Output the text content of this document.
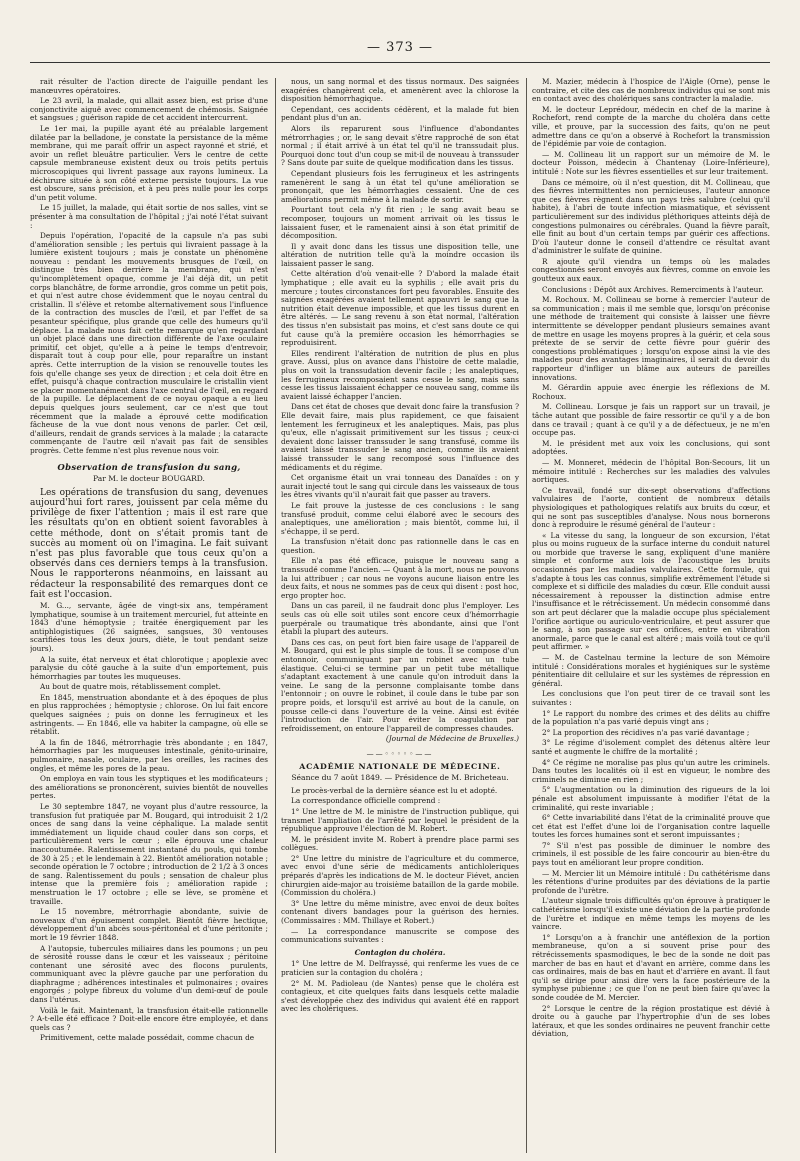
— 373 —

rait résulter de l'action directe de l'aiguille pendant les manœuvres opératoires.

Le 23 avril, la malade, qui allait assez bien, est prise d'une conjonctivite aiguë avec commencement de chémosis. Saignée et sangsues ; guérison rapide de cet accident intercurrent.

Le 1er mai, la pupille ayant été au préalable largement dilatée par la belladone, je constate la persistance de la même membrane, qui me paraît offrir un aspect rayonné et strié, et avoir un reflet bleuâtre particulier. Vers le centre de cette capsule membraneuse existent deux ou trois petits pertuis microscopiques qui livrent passage aux rayons lumineux. La déchirure située à son côté externe persiste toujours. La vue est obscure, sans précision, et à peu près nulle pour les corps d'un petit volume.

Le 15 juillet, la malade, qui était sortie de nos salles, vint se présenter à ma consultation de l'hôpital ; j'ai noté l'état suivant :

Depuis l'opération, l'opacité de la capsule n'a pas subi d'amélioration sensible ; les pertuis qui livraient passage à la lumière existent toujours ; mais je constate un phénomène nouveau : pendant les mouvements brusques de l'œil, on distingue très bien derrière la membrane, qui n'est qu'incomplètement opaque, comme je l'ai déjà dit, un petit corps blanchâtre, de forme arrondie, gros comme un petit pois, et qui n'est autre chose évidemment que le noyau central du cristallin. Il s'élève et retombe alternativement sous l'influence de la contraction des muscles de l'œil, et par l'effet de sa pesanteur spécifique, plus grande que celle des humeurs qu'il déplace. La malade nous fait cette remarque qu'en regardant un objet placé dans une direction différente de l'axe oculaire primitif, cet objet, qu'elle a à peine le temps d'entrevoir, disparaît tout à coup pour elle, pour reparaître un instant après. Cette interruption de la vision se renouvelle toutes les fois qu'elle change ses yeux de direction ; et cela doit être en effet, puisqu'à chaque contraction musculaire le cristallin vient se placer momentanément dans l'axe central de l'œil, en regard de la pupille. Le déplacement de ce noyau opaque a eu lieu depuis quelques jours seulement, car ce n'est que tout récemment que la malade a éprouvé cette modification fâcheuse de la vue dont nous venons de parler. Cet œil, d'ailleurs, rendait de grands services à la malade ; la cataracte commençante de l'autre œil n'avait pas fait de sensibles progrès. Cette femme n'est plus revenue nous voir.

Observation de transfusion du sang,
Par M. le docteur BOUGARD.

Les opérations de transfusion du sang, devenues aujourd'hui fort rares, jouissent par cela même du privilège de fixer l'attention ; mais il est rare que les résultats qu'on en obtient soient favorables à cette méthode, dont on s'était promis tant de succès au moment où on l'imagina. Le fait suivant n'est pas plus favorable que tous ceux qu'on a observés dans ces derniers temps à la transfusion. Nous le rapporterons néanmoins, en laissant au rédacteur la responsabilité des remarques dont ce fait est l'occasion.

M. G..., servante, âgée de vingt-six ans, tempérament lymphatique, soumise à un traitement mercuriel, fut atteinte en 1843 d'une hémoptysie ; traitée énergiquement par les antiphlogistiques (26 saignées, sangsues, 30 ventouses scarifiées tous les deux jours, diète, le tout pendant seize jours).

A la suite, état nerveux et état chlorotique ; apoplexie avec paralysie du côté gauche à la suite d'un emportement, puis hémorrhagies par toutes les muqueuses.

Au bout de quatre mois, rétablissement complet.

En 1845, menstruation abondante et à des époques de plus en plus rapprochées ; hémoptysie ; chlorose. On lui fait encore quelques saignées ; puis on donne les ferrugineux et les astringents. — En 1846, elle va habiter la campagne, où elle se rétablit.

A la fin de 1846, métrorrhagie très abondante ; en 1847, hémorrhagies par les muqueuses intestinale, génito-urinaire, pulmonaire, nasale, oculaire, par les oreilles, les racines des ongles, et même les pores de la peau.

On employa en vain tous les styptiques et les modificateurs ; des améliorations se prononcèrent, suivies bientôt de nouvelles pertes.

Le 30 septembre 1847, ne voyant plus d'autre ressource, la transfusion fut pratiquée par M. Bougard, qui introduisit 2 1/2 onces de sang dans la veine céphalique. La malade sentit immédiatement un liquide chaud couler dans son corps, et particulièrement vers le cœur ; elle éprouva une chaleur inaccoutumée. Ralentissement instantané du pouls, qui tombe de 30 à 25 ; et le lendemain à 22. Bientôt amélioration notable ; seconde opération le 7 octobre ; introduction de 2 1/2 à 3 onces de sang. Ralentissement du pouls ; sensation de chaleur plus intense que la première fois ; amélioration rapide ; menstruation le 17 octobre ; elle se lève, se promène et travaille.

Le 15 novembre, métrorrhagie abondante, suivie de nouveaux d'un épuisement complet. Bientôt fièvre hectique, développement d'un abcès sous-péritonéal et d'une péritonite ; mort le 19 février 1848.

A l'autopsie, tubercules miliaires dans les poumons ; un peu de sérosité rousse dans le cœur et les vaisseaux ; péritoine contenant une sérosité avec des flocons purulents, communiquant avec la plèvre gauche par une perforation du diaphragme ; adhérences intestinales et pulmonaires ; ovaires engorgés ; polype fibreux du volume d'un demi-œuf de poule dans l'utérus.

Voilà le fait. Maintenant, la transfusion était-elle rationnelle ? A-t-elle été efficace ? Doit-elle encore être employée, et dans quels cas ?

Primitivement, cette malade possédait, comme chacun de

nous, un sang normal et des tissus normaux. Des saignées exagérées changèrent cela, et amenèrent avec la chlorose la disposition hémorrhagique.

Cependant, ces accidents cédèrent, et la malade fut bien pendant plus d'un an.

Alors ils reparurent sous l'influence d'abondantes métrorrhagies ; or, le sang devait s'être rapproché de son état normal ; il était arrivé à un état tel qu'il ne transsudait plus. Pourquoi donc tout d'un coup se mit-il de nouveau à transsuder ? Sans doute par suite de quelque modification dans les tissus.

Cependant plusieurs fois les ferrugineux et les astringents ramenèrent le sang à un état tel qu'une amélioration se prononçait, que les hémorrhagies cessaient. Une de ces améliorations permit même à la malade de sortir.

Pourtant tout cela n'y fit rien ; le sang avait beau se recomposer, toujours un moment arrivait où les tissus le laissaient fuser, et le ramenaient ainsi à son état primitif de décomposition.

Il y avait donc dans les tissus une disposition telle, une altération de nutrition telle qu'à la moindre occasion ils laissaient passer le sang.

Cette altération d'où venait-elle ? D'abord la malade était lymphatique ; elle avait eu la syphilis ; elle avait pris du mercure ; toutes circonstances fort peu favorables. Ensuite des saignées exagérées avaient tellement appauvri le sang que la nutrition était devenue impossible, et que les tissus durent en être altérés. — Le sang revenu à son état normal, l'altération des tissus n'en subsistait pas moins, et c'est sans doute ce qui fut cause qu'à la première occasion les hémorrhagies se reproduisirent.

Elles rendirent l'altération de nutrition de plus en plus grave. Aussi, plus on avance dans l'histoire de cette maladie, plus on voit la transsudation devenir facile ; les analeptiques, les ferrugineux recomposaient sans cesse le sang, mais sans cesse les tissus laissaient échapper ce nouveau sang, comme ils avaient laissé échapper l'ancien.

Dans cet état de choses que devait donc faire la transfusion ? Elle devait faire, mais plus rapidement, ce que faisaient lentement les ferrugineux et les analeptiques. Mais, pas plus qu'eux, elle n'agissait primitivement sur les tissus ; ceux-ci devaient donc laisser transsuder le sang transfusé, comme ils avaient laissé transsuder le sang ancien, comme ils avaient laissé transsuder le sang recomposé sous l'influence des médicaments et du régime.

Cet organisme était un vrai tonneau des Danaïdes : on y aurait injecté tout le sang qui circule dans les vaisseaux de tous les êtres vivants qu'il n'aurait fait que passer au travers.

Le fait prouve la justesse de ces conclusions : le sang transfusé produit, comme celui élaboré avec le secours des analeptiques, une amélioration ; mais bientôt, comme lui, il s'échappe, il se perd.

La transfusion n'était donc pas rationnelle dans le cas en question.

Elle n'a pas été efficace, puisque le nouveau sang a transsudé comme l'ancien. — Quant à la mort, nous ne pouvons la lui attribuer ; car nous ne voyons aucune liaison entre les deux faits, et nous ne sommes pas de ceux qui disent : post hoc, ergo propter hoc.

Dans un cas pareil, il ne faudrait donc plus l'employer. Les seuls cas où elle soit utiles sont encore ceux d'hémorrhagie puerpérale ou traumatique très abondante, ainsi que l'ont établi la plupart des auteurs.

Dans ces cas, on peut fort bien faire usage de l'appareil de M. Bougard, qui est le plus simple de tous. Il se compose d'un entonnoir, communiquant par un robinet avec un tube élastique. Celui-ci se termine par un petit tube métallique s'adaptant exactement à une canule qu'on introduit dans la veine. Le sang de la personne complaisante tombe dans l'entonnoir ; on ouvre le robinet, il coule dans le tube par son propre poids, et lorsqu'il est arrivé au bout de la canule, on pousse celle-ci dans l'ouverture de la veine. Ainsi est évitée l'introduction de l'air. Pour éviter la coagulation par refroidissement, on entoure l'appareil de compresses chaudes.

(Journal de Médecine de Bruxelles.)
——◦◦◦◦◦——
ACADÉMIE NATIONALE DE MÉDECINE.
Séance du 7 août 1849. — Présidence de M. Bricheteau.

Le procès-verbal de la dernière séance est lu et adopté.

La correspondance officielle comprend :

1° Une lettre de M. le ministre de l'instruction publique, qui transmet l'ampliation de l'arrêté par lequel le président de la république approuve l'élection de M. Robert.

M. le président invite M. Robert à prendre place parmi ses collègues.

2° Une lettre du ministre de l'agriculture et du commerce, avec envoi d'une série de médicaments antichloleriques préparés d'après les indications de M. le docteur Fiévet, ancien chirurgien aide-major au troisième bataillon de la garde mobile. (Commission du choléra.)

3° Une lettre du même ministre, avec envoi de deux boîtes contenant divers bandages pour la guérison des hernies. (Commissaires : MM. Thillaye et Robert.)

— La correspondance manuscrite se compose des communications suivantes :

Contagion du choléra.

1° Une lettre de M. Delfrayssé, qui renferme les vues de ce praticien sur la contagion du choléra ;

2° M. M. Padioleau (de Nantes) pense que le choléra est contagieux, et cite quelques faits dans lesquels cette maladie s'est développée chez des individus qui avaient été en rapport avec les cholériques.

M. Mazier, médecin à l'hospice de l'Aigle (Orne), pense le contraire, et cite des cas de nombreux individus qui se sont mis en contact avec des cholériques sans contracter la maladie.

M. le docteur Leprédour, médecin en chef de la marine à Rochefort, rend compte de la marche du choléra dans cette ville, et prouve, par la succession des faits, qu'on ne peut admettre dans ce qu'on a observé à Rochefort la transmission de l'épidémie par voie de contagion.

— M. Collineau lit un rapport sur un mémoire de M. le docteur Poisson, médecin à Chantenay (Loire-Inférieure), intitulé : Note sur les fièvres essentielles et sur leur traitement.

Dans ce mémoire, où il n'est question, dit M. Collineau, que des fièvres intermittentes non pernicieuses, l'auteur annonce que ces fièvres règnent dans un pays très salubre (celui qu'il habite), à l'abri de toute infection miasmatique, et sévissent particulièrement sur des individus pléthoriques atteints déjà de congestions pulmonaires ou cérébrales. Quand la fièvre paraît, elle finit au bout d'un certain temps par guérir ces affections. D'où l'auteur donne le conseil d'attendre ce résultat avant d'administrer le sulfate de quinine.

R ajoute qu'il viendra un temps où les malades congestionnés seront envoyés aux fièvres, comme on envoie les goutteux aux eaux.

Conclusions : Dépôt aux Archives. Remerciments à l'auteur.

M. Rochoux. M. Collineau se borne à remercier l'auteur de sa communication ; mais il me semble que, lorsqu'on préconise une méthode de traitement qui consiste à laisser une fièvre intermittente se développer pendant plusieurs semaines avant de mettre en usage les moyens propres à la guérir, et cela sous prétexte de se servir de cette fièvre pour guérir des congestions problématiques ; lorsqu'on expose ainsi la vie des malades pour des avantages imaginaires, il serait du devoir du rapporteur d'infliger un blâme aux auteurs de pareilles innovations.

M. Gérardin appuie avec énergie les réflexions de M. Rochoux.

M. Collineau. Lorsque je fais un rapport sur un travail, je tâche autant que possible de faire ressortir ce qu'il y a de bon dans ce travail ; quant à ce qu'il y a de défectueux, je ne m'en occupe pas.

M. le président met aux voix les conclusions, qui sont adoptées.

— M. Monneret, médecin de l'hôpital Bon-Secours, lit un mémoire intitulé : Recherches sur les maladies des valvules aortiques.

Ce travail, fondé sur dix-sept observations d'affections valvulaires de l'aorte, contient de nombreux détails physiologiques et pathologiques relatifs aux bruits du cœur, et qui ne sont pas susceptibles d'analyse. Nous nous bornerons donc à reproduire le résumé général de l'auteur :

« La vitesse du sang, la longueur de son excursion, l'état plus ou moins rugueux de la surface interne du conduit naturel ou morbide que traverse le sang, expliquent d'une manière simple et conforme aux lois de l'acoustique les bruits occasionnés par les maladies valvulaires. Cette formule, qui s'adapte à tous les cas connus, simplifie extrêmement l'étude si complexe et si difficile des maladies du cœur. Elle conduit aussi nécessairement à repousser la distinction admise entre l'insuffisance et le rétrécissement. Un médecin consommé dans son art peut déclarer que la maladie occupe plus spécialement l'orifice aortique ou auriculo-ventriculaire, et peut assurer que le sang, à son passage sur ces orifices, entre en vibration anormale, parce que le canal est altéré ; mais voilà tout ce qu'il peut affirmer. »

— M. de Castelnau termine la lecture de son Mémoire intitulé : Considérations morales et hygiéniques sur le système pénitentiaire dit cellulaire et sur les systèmes de répression en général.

Les conclusions que l'on peut tirer de ce travail sont les suivantes :

1° Le rapport du nombre des crimes et des délits au chiffre de la population n'a pas varié depuis vingt ans ;

2° La proportion des récidives n'a pas varié davantage ;

3° Le régime d'isolement complet des détenus altère leur santé et augmente le chiffre de la mortalité ;

4° Ce régime ne moralise pas plus qu'un autre les criminels. Dans toutes les localités où il est en vigueur, le nombre des criminels ne diminue en rien ;

5° L'augmentation ou la diminution des rigueurs de la loi pénale est absolument impuissante à modifier l'état de la criminalité, qui reste invariable ;

6° Cette invariabilité dans l'état de la criminalité prouve que cet état est l'effet d'une loi de l'organisation contre laquelle toutes les forces humaines sont et seront impuissantes ;

7° S'il n'est pas possible de diminuer le nombre des criminels, il est possible de les faire concourir au bien-être du pays tout en améliorant leur propre condition.

— M. Mercier lit un Mémoire intitulé : Du cathétérisme dans les rétentions d'urine produites par des déviations de la partie profonde de l'urètre.

L'auteur signale trois difficultés qu'on éprouve à pratiquer le cathétérisme lorsqu'il existe une déviation de la partie profonde de l'urètre et indique en même temps les moyens de les vaincre.

1° Lorsqu'on a à franchir une antéflexion de la portion membraneuse, qu'on a si souvent prise pour des rétrécissements spasmodiques, le bec de la sonde ne doit pas marcher de bas en haut et d'avant en arrière, comme dans les cas ordinaires, mais de bas en haut et d'arrière en avant. Il faut qu'il se dirige pour ainsi dire vers la face postérieure de la symphyse pubienne ; ce que l'on ne peut bien faire qu'avec la sonde coudée de M. Mercier.

2° Lorsque le centre de la région prostatique est dévié à droite ou à gauche par l'hypertrophie d'un de ses lobes latéraux, et que les sondes ordinaires ne peuvent franchir cette déviation,
